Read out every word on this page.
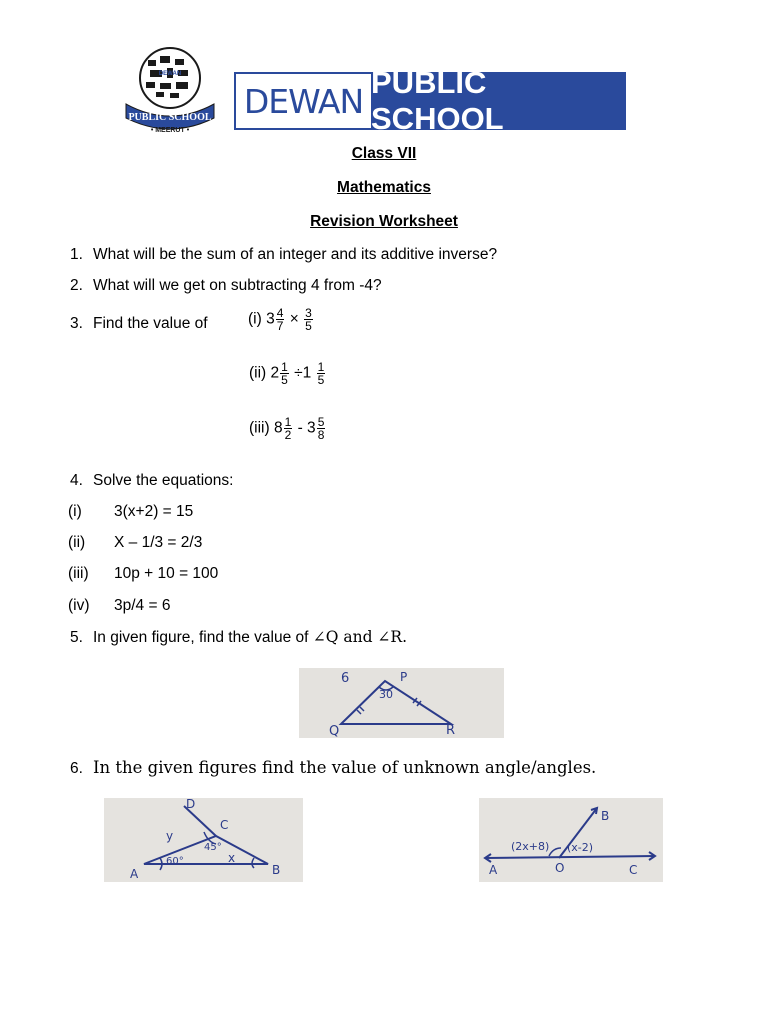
DEWAN
PUBLIC SCHOOL
• MEERUT •
DEWAN PUBLIC SCHOOL
Class VII
Mathematics
Revision Worksheet
1. What will be the sum of an integer and its additive inverse?
2. What will we get on subtracting 4 from -4?
3. Find the value of	(i) $3 \frac{4}{7} \times \frac{3}{5}$
(ii) $2 \frac{1}{5} \div 1 \frac{1}{5}$
(iii) $8 \frac{1}{2} - 3 \frac{5}{8}$
4. Solve the equations:
(i) 3(x+2) = 15
(ii) X – 1/3 = 2/3
(iii) 10p + 10 = 100
(iv) 3p/4 = 6
5. In given figure, find the value of ∠Q and ∠R.
30
P
Q	R
6
6. In the given figures find the value of unknown angle/angles.
D
C
y
45°
60°	x
A	B
B
(2x+8) (x-2)
A	O	C
